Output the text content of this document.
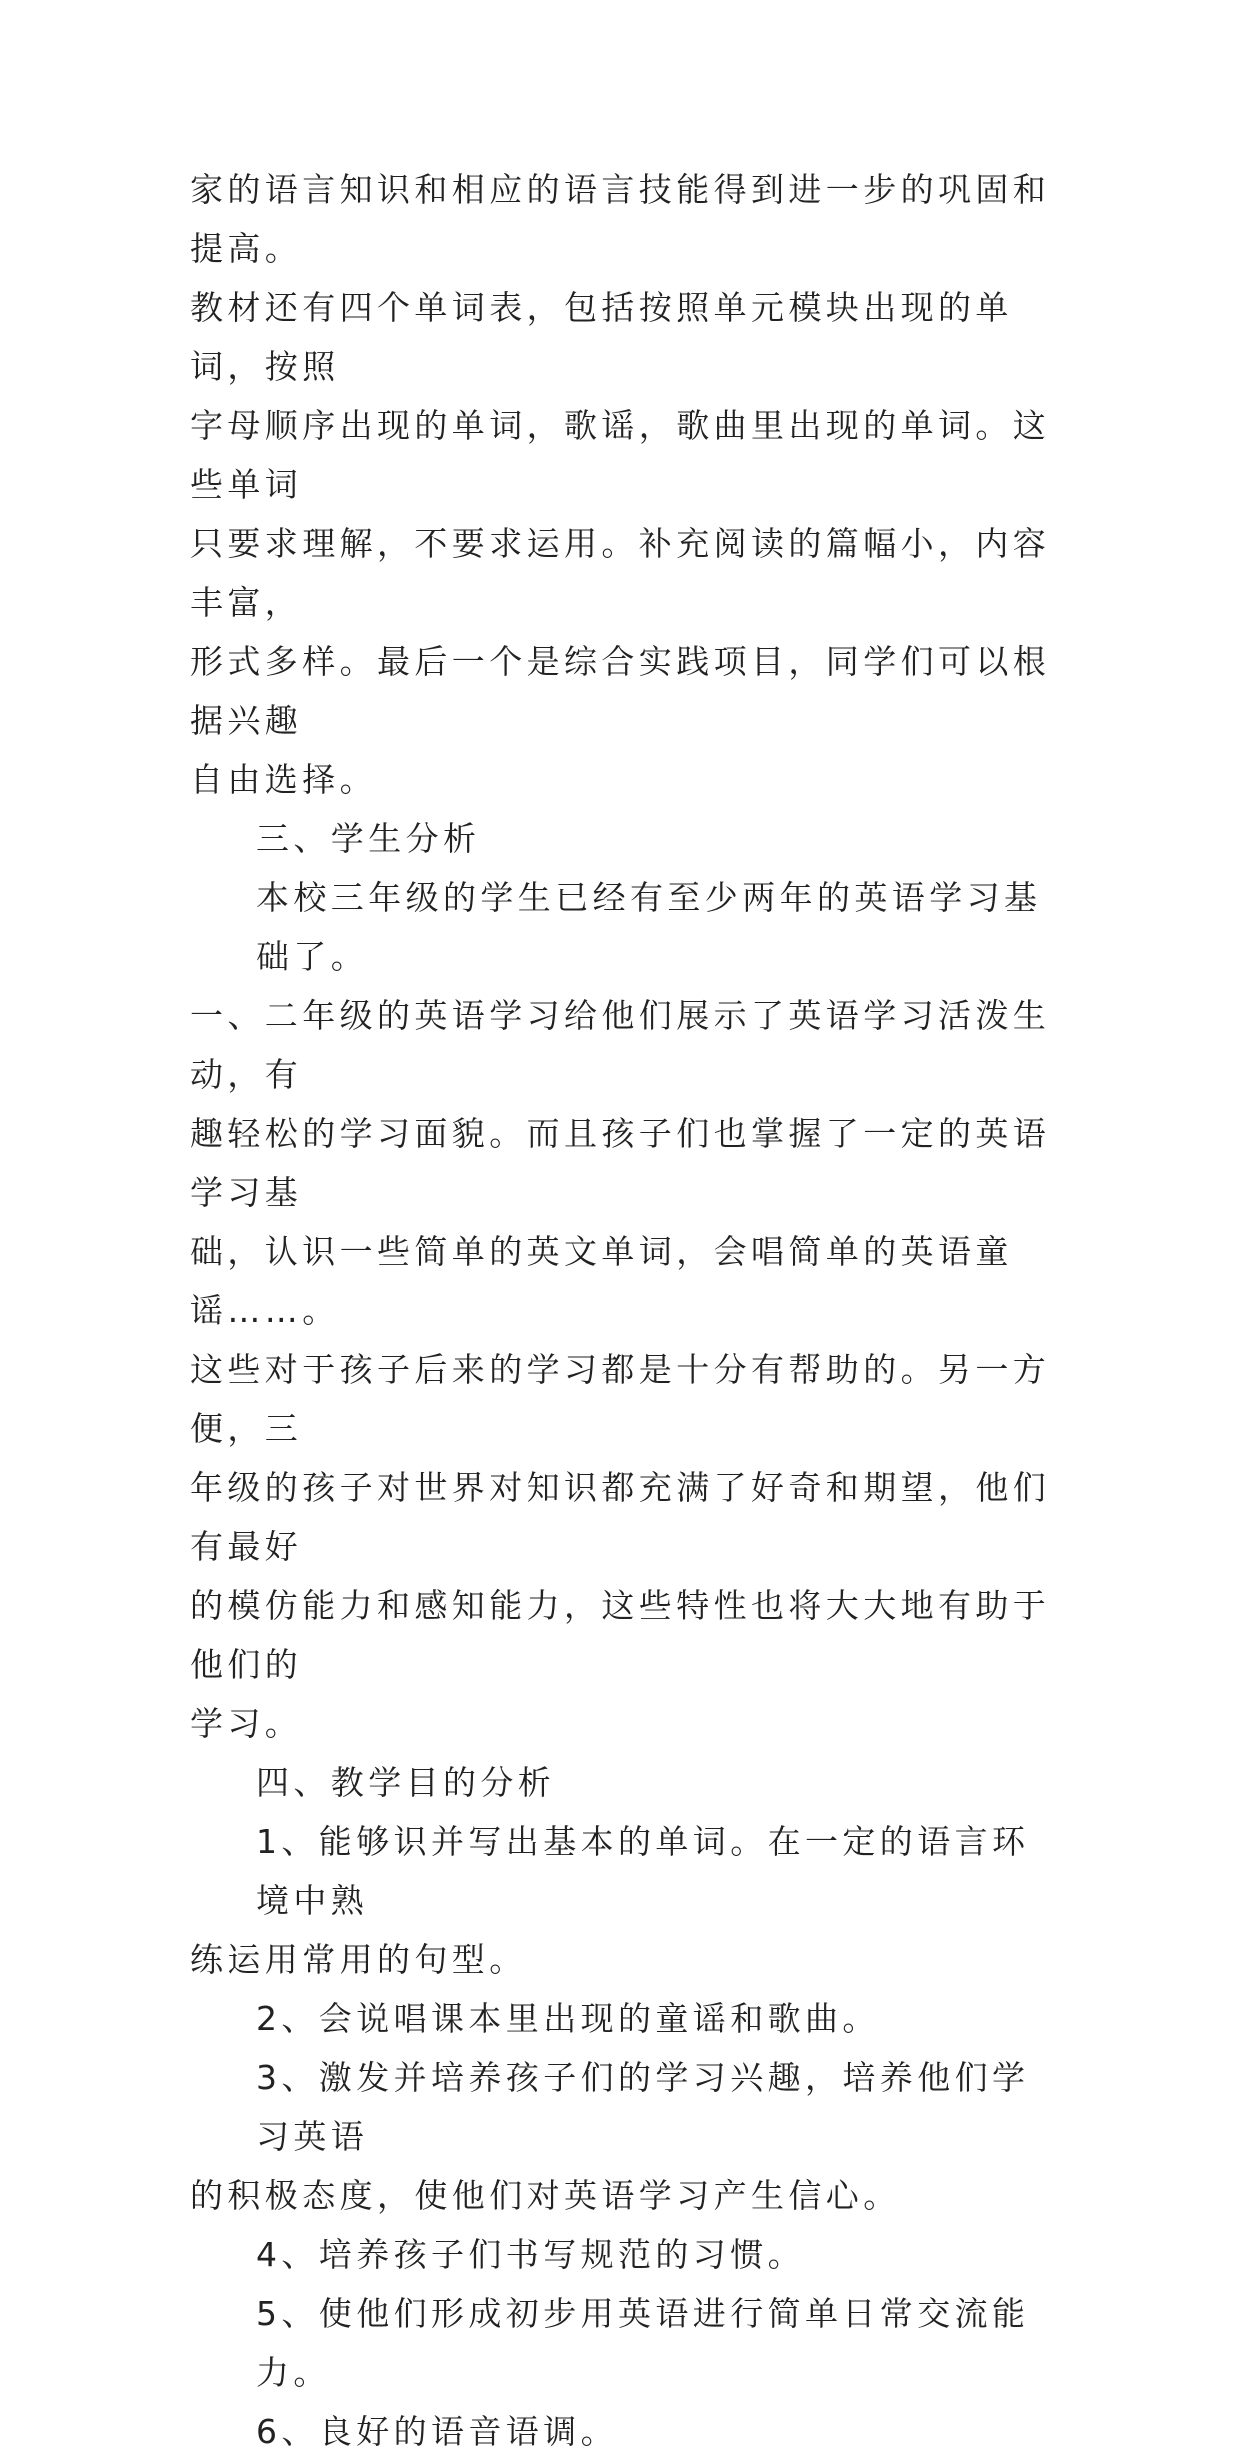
家的语言知识和相应的语言技能得到进一步的巩固和提高。
教材还有四个单词表，包括按照单元模块出现的单词，按照
字母顺序出现的单词，歌谣，歌曲里出现的单词。这些单词
只要求理解，不要求运用。补充阅读的篇幅小，内容丰富，
形式多样。最后一个是综合实践项目，同学们可以根据兴趣
自由选择。
三、学生分析
本校三年级的学生已经有至少两年的英语学习基础了。
一、二年级的英语学习给他们展示了英语学习活泼生动，有
趣轻松的学习面貌。而且孩子们也掌握了一定的英语学习基
础，认识一些简单的英文单词，会唱简单的英语童谣……。
这些对于孩子后来的学习都是十分有帮助的。另一方便，三
年级的孩子对世界对知识都充满了好奇和期望，他们有最好
的模仿能力和感知能力，这些特性也将大大地有助于他们的
学习。
四、教学目的分析
1、能够识并写出基本的单词。在一定的语言环境中熟
练运用常用的句型。
2、会说唱课本里出现的童谣和歌曲。
3、激发并培养孩子们的学习兴趣，培养他们学习英语
的积极态度，使他们对英语学习产生信心。
4、培养孩子们书写规范的习惯。
5、使他们形成初步用英语进行简单日常交流能力。
6、良好的语音语调。
